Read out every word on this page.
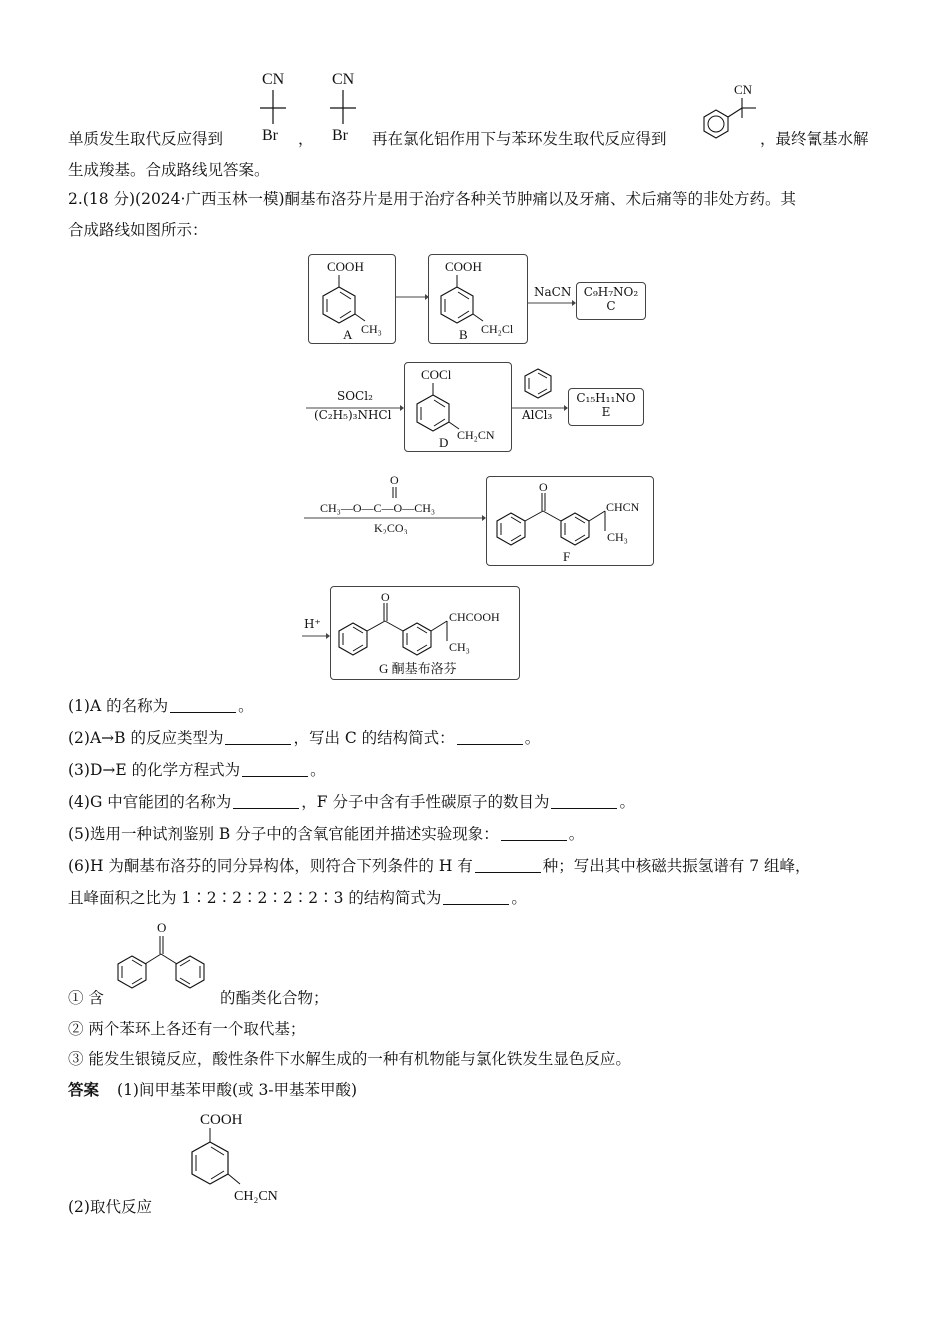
CN
Br
CN
Br
CN
单质发生取代反应得到	，	再在氯化铝作用下与苯环发生取代反应得到	，最终氰基水解
生成羧基。合成路线见答案。
2.(18 分)(2024·广西玉林一模)酮基布洛芬片是用于治疗各种关节肿痛以及牙痛、术后痛等的非处方药。其
合成路线如图所示：
COOH
CH₃
A
COOH
CH₂Cl
B
NaCN	C₉H₇NO₂
C
SOCl₂
(C₂H₅)₃NHCl
COCl
CH₂CN
D
AlCl₃
C₁₅H₁₁NO
E
O
CH₃—O—C—O—CH₃
K₂CO₃
O
CHCN
CH₃
F
H⁺
O
CHCOOH
CH₃
G 酮基布洛芬
(1)A 的名称为	。
(2)A→B 的反应类型为	，写出 C 的结构简式：	。
(3)D→E 的化学方程式为	。
(4)G 中官能团的名称为	，F 分子中含有手性碳原子的数目为	。
(5)选用一种试剂鉴别 B 分子中的含氧官能团并描述实验现象：	。
(6)H 为酮基布洛芬的同分异构体，则符合下列条件的 H 有	种；写出其中核磁共振氢谱有 7 组峰，
且峰面积之比为 1∶2∶2∶2∶2∶2∶3 的结构简式为	。
① 含
O
的酯类化合物；
② 两个苯环上各还有一个取代基；
③ 能发生银镜反应，酸性条件下水解生成的一种有机物能与氯化铁发生显色反应。
答案 (1)间甲基苯甲酸(或 3-甲基苯甲酸)
COOH
CH₂CN
(2)取代反应
